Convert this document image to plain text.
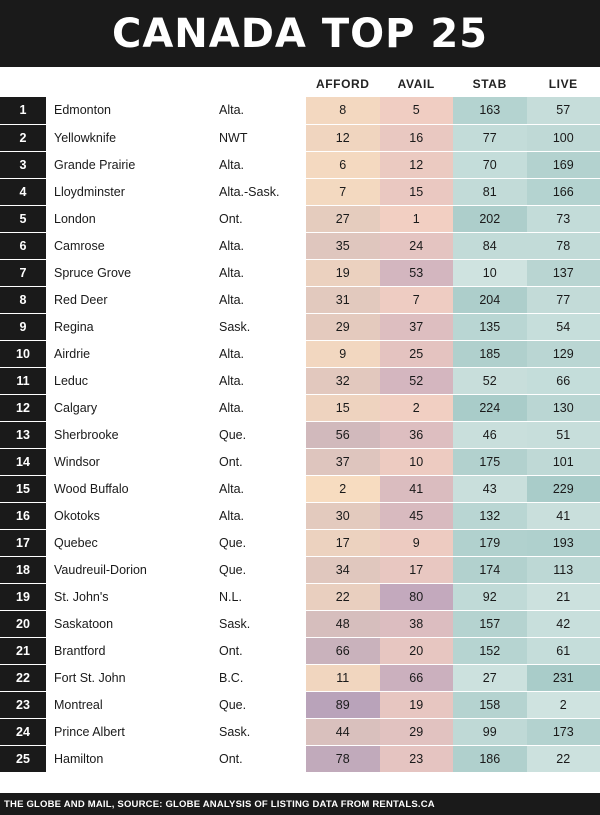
CANADA TOP 25
			AFFORD	AVAIL	STAB	LIVE
1	Edmonton	Alta.	8	5	163	57
2	Yellowknife	NWT	12	16	77	100
3	Grande Prairie	Alta.	6	12	70	169
4	Lloydminster	Alta.-Sask.	7	15	81	166
5	London	Ont.	27	1	202	73
6	Camrose	Alta.	35	24	84	78
7	Spruce Grove	Alta.	19	53	10	137
8	Red Deer	Alta.	31	7	204	77
9	Regina	Sask.	29	37	135	54
10	Airdrie	Alta.	9	25	185	129
11	Leduc	Alta.	32	52	52	66
12	Calgary	Alta.	15	2	224	130
13	Sherbrooke	Que.	56	36	46	51
14	Windsor	Ont.	37	10	175	101
15	Wood Buffalo	Alta.	2	41	43	229
16	Okotoks	Alta.	30	45	132	41
17	Quebec	Que.	17	9	179	193
18	Vaudreuil-Dorion	Que.	34	17	174	113
19	St. John's	N.L.	22	80	92	21
20	Saskatoon	Sask.	48	38	157	42
21	Brantford	Ont.	66	20	152	61
22	Fort St. John	B.C.	11	66	27	231
23	Montreal	Que.	89	19	158	2
24	Prince Albert	Sask.	44	29	99	173
25	Hamilton	Ont.	78	23	186	22
THE GLOBE AND MAIL, SOURCE: GLOBE ANALYSIS OF LISTING DATA FROM RENTALS.CA
